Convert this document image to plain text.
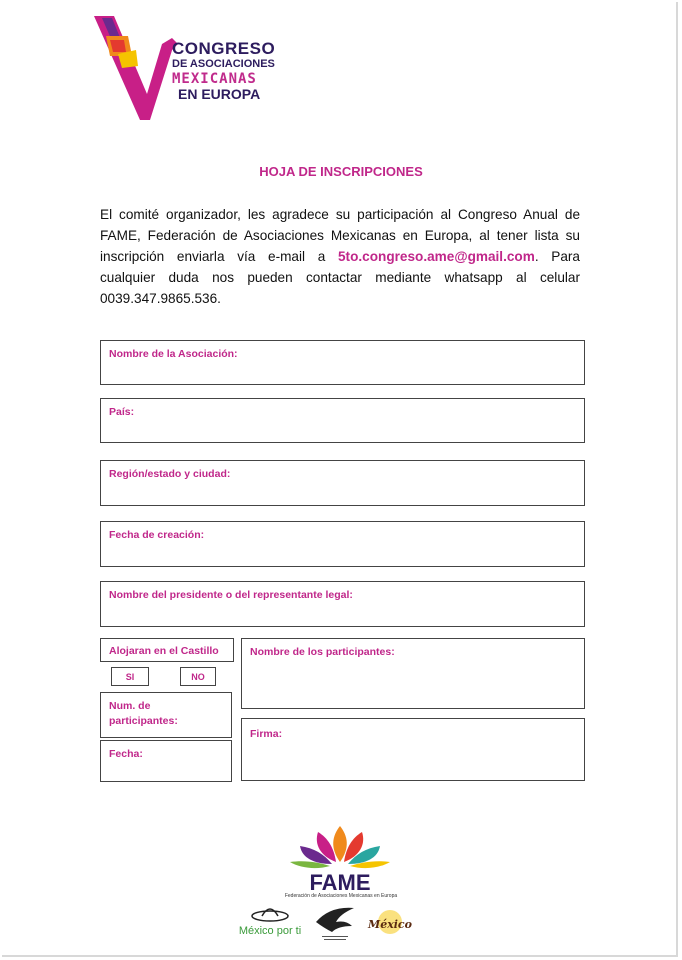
CONGRESO
DE ASOCIACIONES
MEXICANAS
EN EUROPA
HOJA DE INSCRIPCIONES
El comité organizador, les agradece su participación al Congreso Anual de FAME, Federación de Asociaciones Mexicanas en Europa, al tener lista su inscripción enviarla vía e-mail a 5to.congreso.ame@gmail.com. Para cualquier duda nos pueden contactar mediante whatsapp al celular 0039.347.9865.536.
Nombre de la Asociación:
País:
Región/estado y ciudad:
Fecha de creación:
Nombre del presidente o del representante legal:
Alojaran en el Castillo
SI	NO
Num. de participantes:
Fecha:
Nombre de los participantes:
Firma:
FAME
Federación de Asociaciones Mexicanas en Europa
México por ti	México
